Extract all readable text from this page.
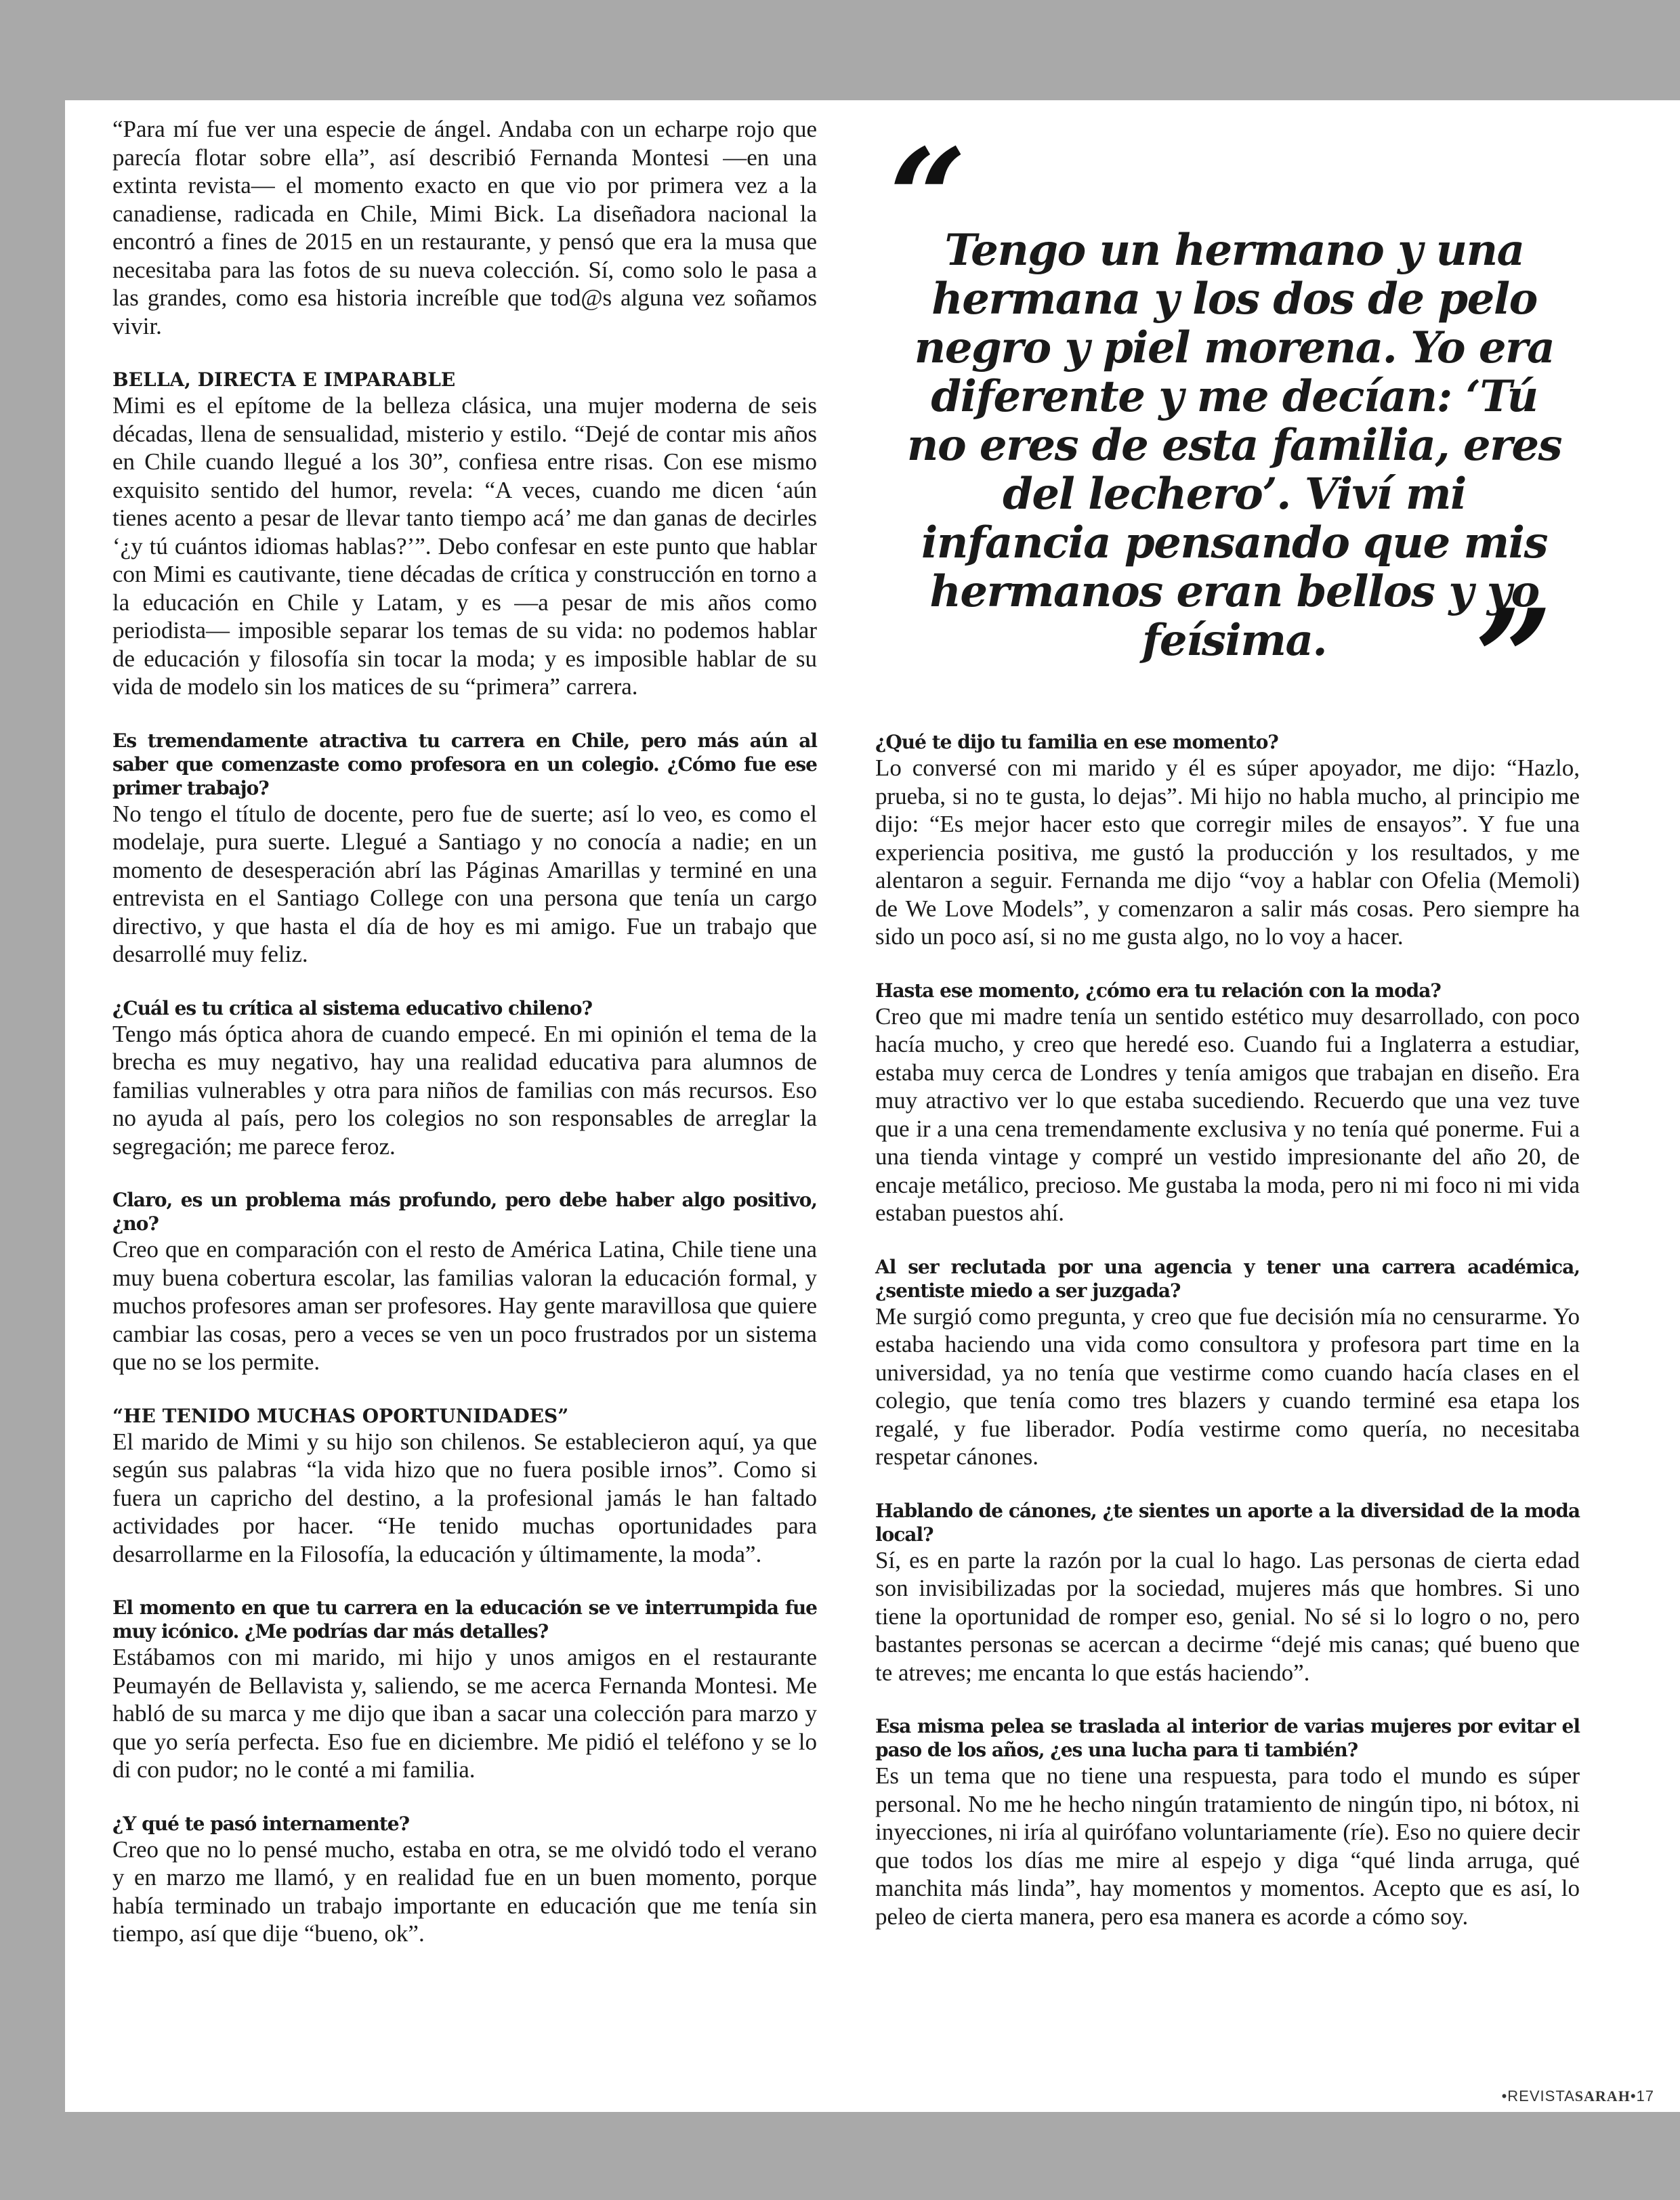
“Para mí fue ver una especie de ángel. Andaba con un echarpe rojo que parecía flotar sobre ella”, así describió Fernanda Montesi —en una extinta revista— el momento exacto en que vio por primera vez a la canadiense, radicada en Chile, Mimi Bick. La diseñadora nacional la encontró a fines de 2015 en un restaurante, y pensó que era la musa que necesitaba para las fotos de su nueva colección. Sí, como solo le pasa a las grandes, como esa historia increíble que tod@s alguna vez soñamos vivir.

BELLA, DIRECTA E IMPARABLE

Mimi es el epítome de la belleza clásica, una mujer moderna de seis décadas, llena de sensualidad, misterio y estilo. “Dejé de contar mis años en Chile cuando llegué a los 30”, confiesa entre risas. Con ese mismo exquisito sentido del humor, revela: “A veces, cuando me dicen ‘aún tienes acento a pesar de llevar tanto tiempo acá’ me dan ganas de decirles ‘¿y tú cuántos idiomas hablas?’”. Debo confesar en este punto que hablar con Mimi es cautivante, tiene décadas de crítica y construcción en torno a la educación en Chile y Latam, y es —a pesar de mis años como periodista— imposible separar los temas de su vida: no podemos hablar de educación y filosofía sin tocar la moda; y es imposible hablar de su vida de modelo sin los matices de su “primera” carrera.

Es tremendamente atractiva tu carrera en Chile, pero más aún al saber que comenzaste como profesora en un colegio. ¿Cómo fue ese primer trabajo?

No tengo el título de docente, pero fue de suerte; así lo veo, es como el modelaje, pura suerte. Llegué a Santiago y no conocía a nadie; en un momento de desesperación abrí las Páginas Amarillas y terminé en una entrevista en el Santiago College con una persona que tenía un cargo directivo, y que hasta el día de hoy es mi amigo. Fue un trabajo que desarrollé muy feliz.

¿Cuál es tu crítica al sistema educativo chileno?

Tengo más óptica ahora de cuando empecé. En mi opinión el tema de la brecha es muy negativo, hay una realidad educativa para alumnos de familias vulnerables y otra para niños de familias con más recursos. Eso no ayuda al país, pero los colegios no son responsables de arreglar la segregación; me parece feroz.

Claro, es un problema más profundo, pero debe haber algo positivo, ¿no?

Creo que en comparación con el resto de América Latina, Chile tiene una muy buena cobertura escolar, las familias valoran la educación formal, y muchos profesores aman ser profesores. Hay gente maravillosa que quiere cambiar las cosas, pero a veces se ven un poco frustrados por un sistema que no se los permite.

“HE TENIDO MUCHAS OPORTUNIDADES”

El marido de Mimi y su hijo son chilenos. Se establecieron aquí, ya que según sus palabras “la vida hizo que no fuera posible irnos”. Como si fuera un capricho del destino, a la profesional jamás le han faltado actividades por hacer. “He tenido muchas oportunidades para desarrollarme en la Filosofía, la educación y últimamente, la moda”.

El momento en que tu carrera en la educación se ve interrumpida fue muy icónico. ¿Me podrías dar más detalles?

Estábamos con mi marido, mi hijo y unos amigos en el restaurante Peumayén de Bellavista y, saliendo, se me acerca Fernanda Montesi. Me habló de su marca y me dijo que iban a sacar una colección para marzo y que yo sería perfecta. Eso fue en diciembre. Me pidió el teléfono y se lo di con pudor; no le conté a mi familia.

¿Y qué te pasó internamente?

Creo que no lo pensé mucho, estaba en otra, se me olvidó todo el verano y en marzo me llamó, y en realidad fue en un buen momento, porque había terminado un trabajo importante en educación que me tenía sin tiempo, así que dije “bueno, ok”.

“

Tengo un hermano y una hermana y los dos de pelo negro y piel morena. Yo era diferente y me decían: ‘Tú no eres de esta familia, eres del lechero’. Viví mi infancia pensando que mis hermanos eran bellos y yo feísima.	”

¿Qué te dijo tu familia en ese momento?

Lo conversé con mi marido y él es súper apoyador, me dijo: “Hazlo, prueba, si no te gusta, lo dejas”. Mi hijo no habla mucho, al principio me dijo: “Es mejor hacer esto que corregir miles de ensayos”. Y fue una experiencia positiva, me gustó la producción y los resultados, y me alentaron a seguir. Fernanda me dijo “voy a hablar con Ofelia (Memoli) de We Love Models”, y comenzaron a salir más cosas. Pero siempre ha sido un poco así, si no me gusta algo, no lo voy a hacer.

Hasta ese momento, ¿cómo era tu relación con la moda?

Creo que mi madre tenía un sentido estético muy desarrollado, con poco hacía mucho, y creo que heredé eso. Cuando fui a Inglaterra a estudiar, estaba muy cerca de Londres y tenía amigos que trabajan en diseño. Era muy atractivo ver lo que estaba sucediendo. Recuerdo que una vez tuve que ir a una cena tremendamente exclusiva y no tenía qué ponerme. Fui a una tienda vintage y compré un vestido impresionante del año 20, de encaje metálico, precioso. Me gustaba la moda, pero ni mi foco ni mi vida estaban puestos ahí.

Al ser reclutada por una agencia y tener una carrera académica, ¿sentiste miedo a ser juzgada?

Me surgió como pregunta, y creo que fue decisión mía no censurarme. Yo estaba haciendo una vida como consultora y profesora part time en la universidad, ya no tenía que vestirme como cuando hacía clases en el colegio, que tenía como tres blazers y cuando terminé esa etapa los regalé, y fue liberador. Podía vestirme como quería, no necesitaba respetar cánones.

Hablando de cánones, ¿te sientes un aporte a la diversidad de la moda local?

Sí, es en parte la razón por la cual lo hago. Las personas de cierta edad son invisibilizadas por la sociedad, mujeres más que hombres. Si uno tiene la oportunidad de romper eso, genial. No sé si lo logro o no, pero bastantes personas se acercan a decirme “dejé mis canas; qué bueno que te atreves; me encanta lo que estás haciendo”.

Esa misma pelea se traslada al interior de varias mujeres por evitar el paso de los años, ¿es una lucha para ti también?

Es un tema que no tiene una respuesta, para todo el mundo es súper personal. No me he hecho ningún tratamiento de ningún tipo, ni bótox, ni inyecciones, ni iría al quirófano voluntariamente (ríe). Eso no quiere decir que todos los días me mire al espejo y diga “qué linda arruga, qué manchita más linda”, hay momentos y momentos. Acepto que es así, lo peleo de cierta manera, pero esa manera es acorde a cómo soy.

•REVISTASARAH•17
